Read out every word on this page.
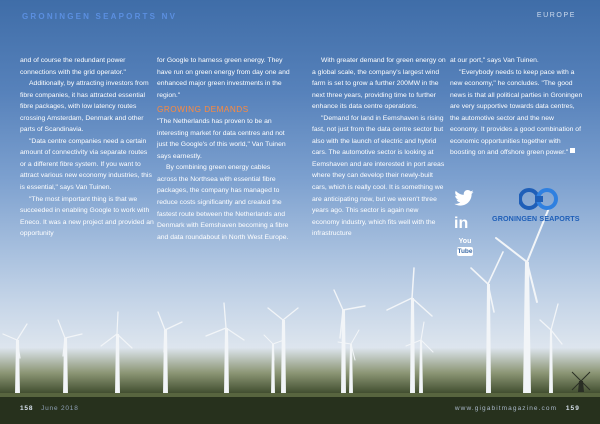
GRONINGEN SEAPORTS NV	EUROPE

and of course the redundant power connections with the grid operator."

Additionally, by attracting investors from fibre companies, it has attracted essential fibre packages, with low latency routes crossing Amsterdam, Denmark and other parts of Scandinavia.

"Data centre companies need a certain amount of connectivity via separate routes or a different fibre system. If you want to attract various new economy industries, this is essential," says Van Tuinen.

"The most important thing is that we succeeded in enabling Google to work with Eneco. It was a new project and provided an opportunity

for Google to harness green energy. They have run on green energy from day one and enhanced major green investments in the region."

GROWING DEMANDS

"The Netherlands has proven to be an interesting market for data centres and not just the Google's of this world," Van Tuinen says earnestly.

By combining green energy cables across the Northsea with essential fibre packages, the company has managed to reduce costs significantly and created the fastest route between the Netherlands and Denmark with Eemshaven becoming a fibre and data roundabout in North West Europe.

With greater demand for green energy on a global scale, the company's largest wind farm is set to grow a further 200MW in the next three years, providing time to further enhance its data centre operations.

"Demand for land in Eemshaven is rising fast, not just from the data centre sector but also with the launch of electric and hybrid cars. The automotive sector is looking at Eemshaven and are interested in port areas where they can develop their newly-built cars, which is really cool. It is something we are anticipating now, but we weren't three years ago. This sector is again new economy industry, which fits well with the infrastructure

at our port," says Van Tuinen.

"Everybody needs to keep pace with a new economy," he concludes. "The good news is that all political parties in Groningen are very supportive towards data centres, the automotive sector and the new economy. It provides a good combination of economic opportunities together with boosting on and offshore green power."

in
You
Tube
GRONINGEN SEAPORTS
158 June 2018	www.gigabitmagazine.com 159
